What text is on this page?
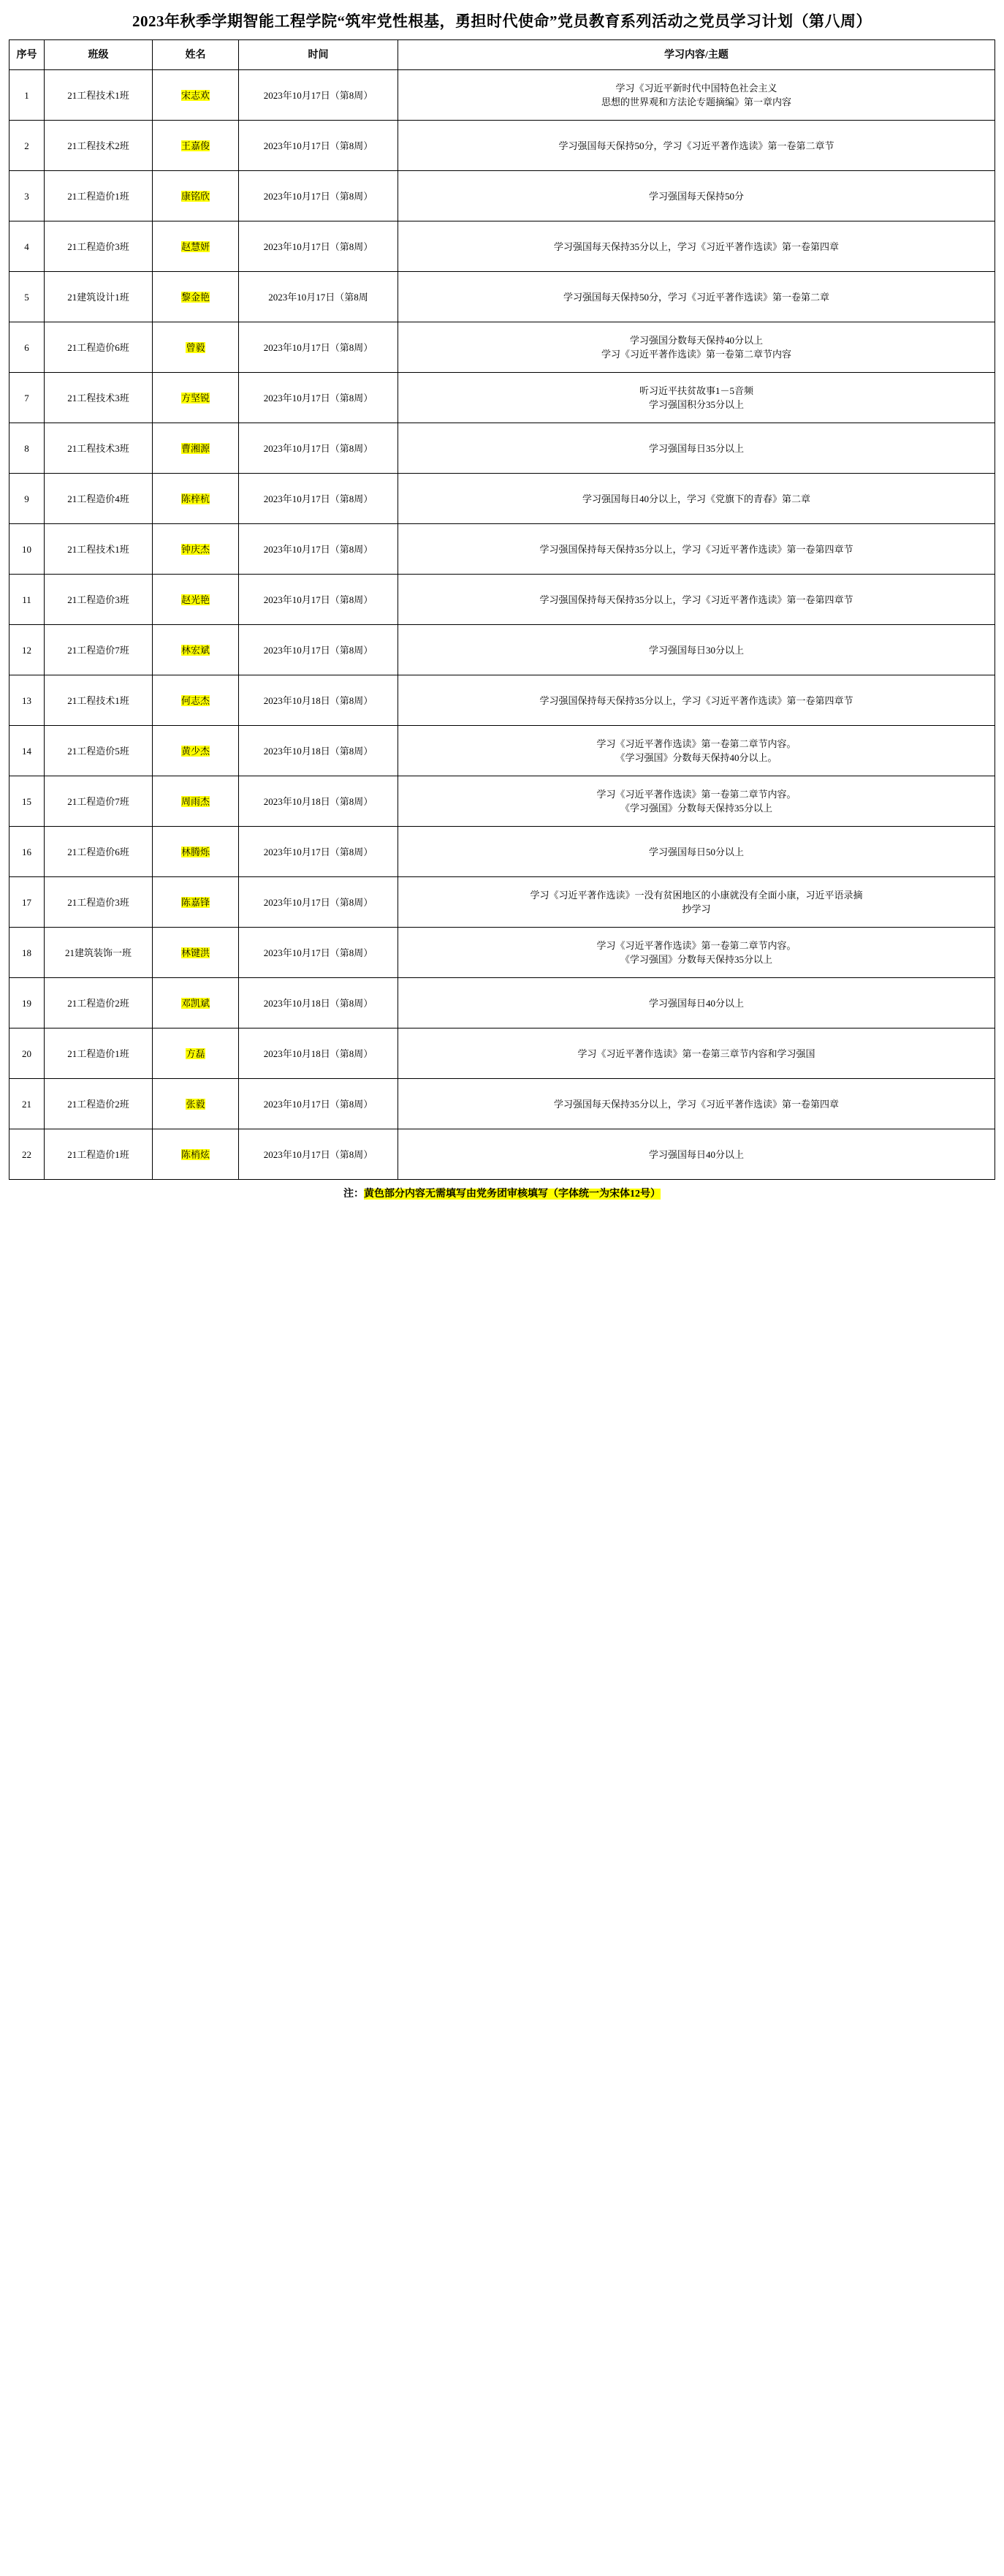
2023年秋季学期智能工程学院“筑牢党性根基，勇担时代使命”党员教育系列活动之党员学习计划（第八周）
序号	班级	姓名	时间	学习内容/主题
1	21工程技术1班	宋志欢	2023年10月17日（第8周）	学习《习近平新时代中国特色社会主义
思想的世界观和方法论专题摘编》第一章内容

2	21工程技术2班	王嘉俊	2023年10月17日（第8周）	学习强国每天保持50分，学习《习近平著作选读》第一卷第二章节

3	21工程造价1班	康铭欣	2023年10月17日（第8周）	学习强国每天保持50分

4	21工程造价3班	赵慧妍	2023年10月17日（第8周）	学习强国每天保持35分以上，学习《习近平著作选读》第一卷第四章

5	21建筑设计1班	黎金艳	2023年10月17日（第8周	学习强国每天保持50分，学习《习近平著作选读》第一卷第二章

6	21工程造价6班	曾毅	2023年10月17日（第8周）	学习强国分数每天保持40分以上
学习《习近平著作选读》第一卷第二章节内容

7	21工程技术3班	方坚锐	2023年10月17日（第8周）	听习近平扶贫故事1－5音频
学习强国积分35分以上

8	21工程技术3班	曹湘源	2023年10月17日（第8周）	学习强国每日35分以上

9	21工程造价4班	陈梓杭	2023年10月17日（第8周）	学习强国每日40分以上，学习《党旗下的青春》第二章

10	21工程技术1班	钟庆杰	2023年10月17日（第8周）	学习强国保持每天保持35分以上，学习《习近平著作选读》第一卷第四章节

11	21工程造价3班	赵光艳	2023年10月17日（第8周）	学习强国保持每天保持35分以上，学习《习近平著作选读》第一卷第四章节

12	21工程造价7班	林宏斌	2023年10月17日（第8周）	学习强国每日30分以上

13	21工程技术1班	何志杰	2023年10月18日（第8周）	学习强国保持每天保持35分以上，学习《习近平著作选读》第一卷第四章节

14	21工程造价5班	黄少杰	2023年10月18日（第8周）	学习《习近平著作选读》第一卷第二章节内容。
《学习强国》分数每天保持40分以上。

15	21工程造价7班	周雨杰	2023年10月18日（第8周）	学习《习近平著作选读》第一卷第二章节内容。
《学习强国》分数每天保持35分以上

16	21工程造价6班	林腾烁	2023年10月17日（第8周）	学习强国每日50分以上

17	21工程造价3班	陈嘉锋	2023年10月17日（第8周）	学习《习近平著作选读》一没有贫困地区的小康就没有全面小康，习近平语录摘
抄学习

18	21建筑装饰一班	林键洪	2023年10月17日（第8周）	学习《习近平著作选读》第一卷第二章节内容。
《学习强国》分数每天保持35分以上

19	21工程造价2班	邓凯斌	2023年10月18日（第8周）	学习强国每日40分以上

20	21工程造价1班	方磊	2023年10月18日（第8周）	学习《习近平著作选读》第一卷第三章节内容和学习强国

21	21工程造价2班	张毅	2023年10月17日（第8周）	学习强国每天保持35分以上，学习《习近平著作选读》第一卷第四章

22	21工程造价1班	陈梢炫	2023年10月17日（第8周）	学习强国每日40分以上
注：黄色部分内容无需填写由党务团审核填写（字体统一为宋体12号）
